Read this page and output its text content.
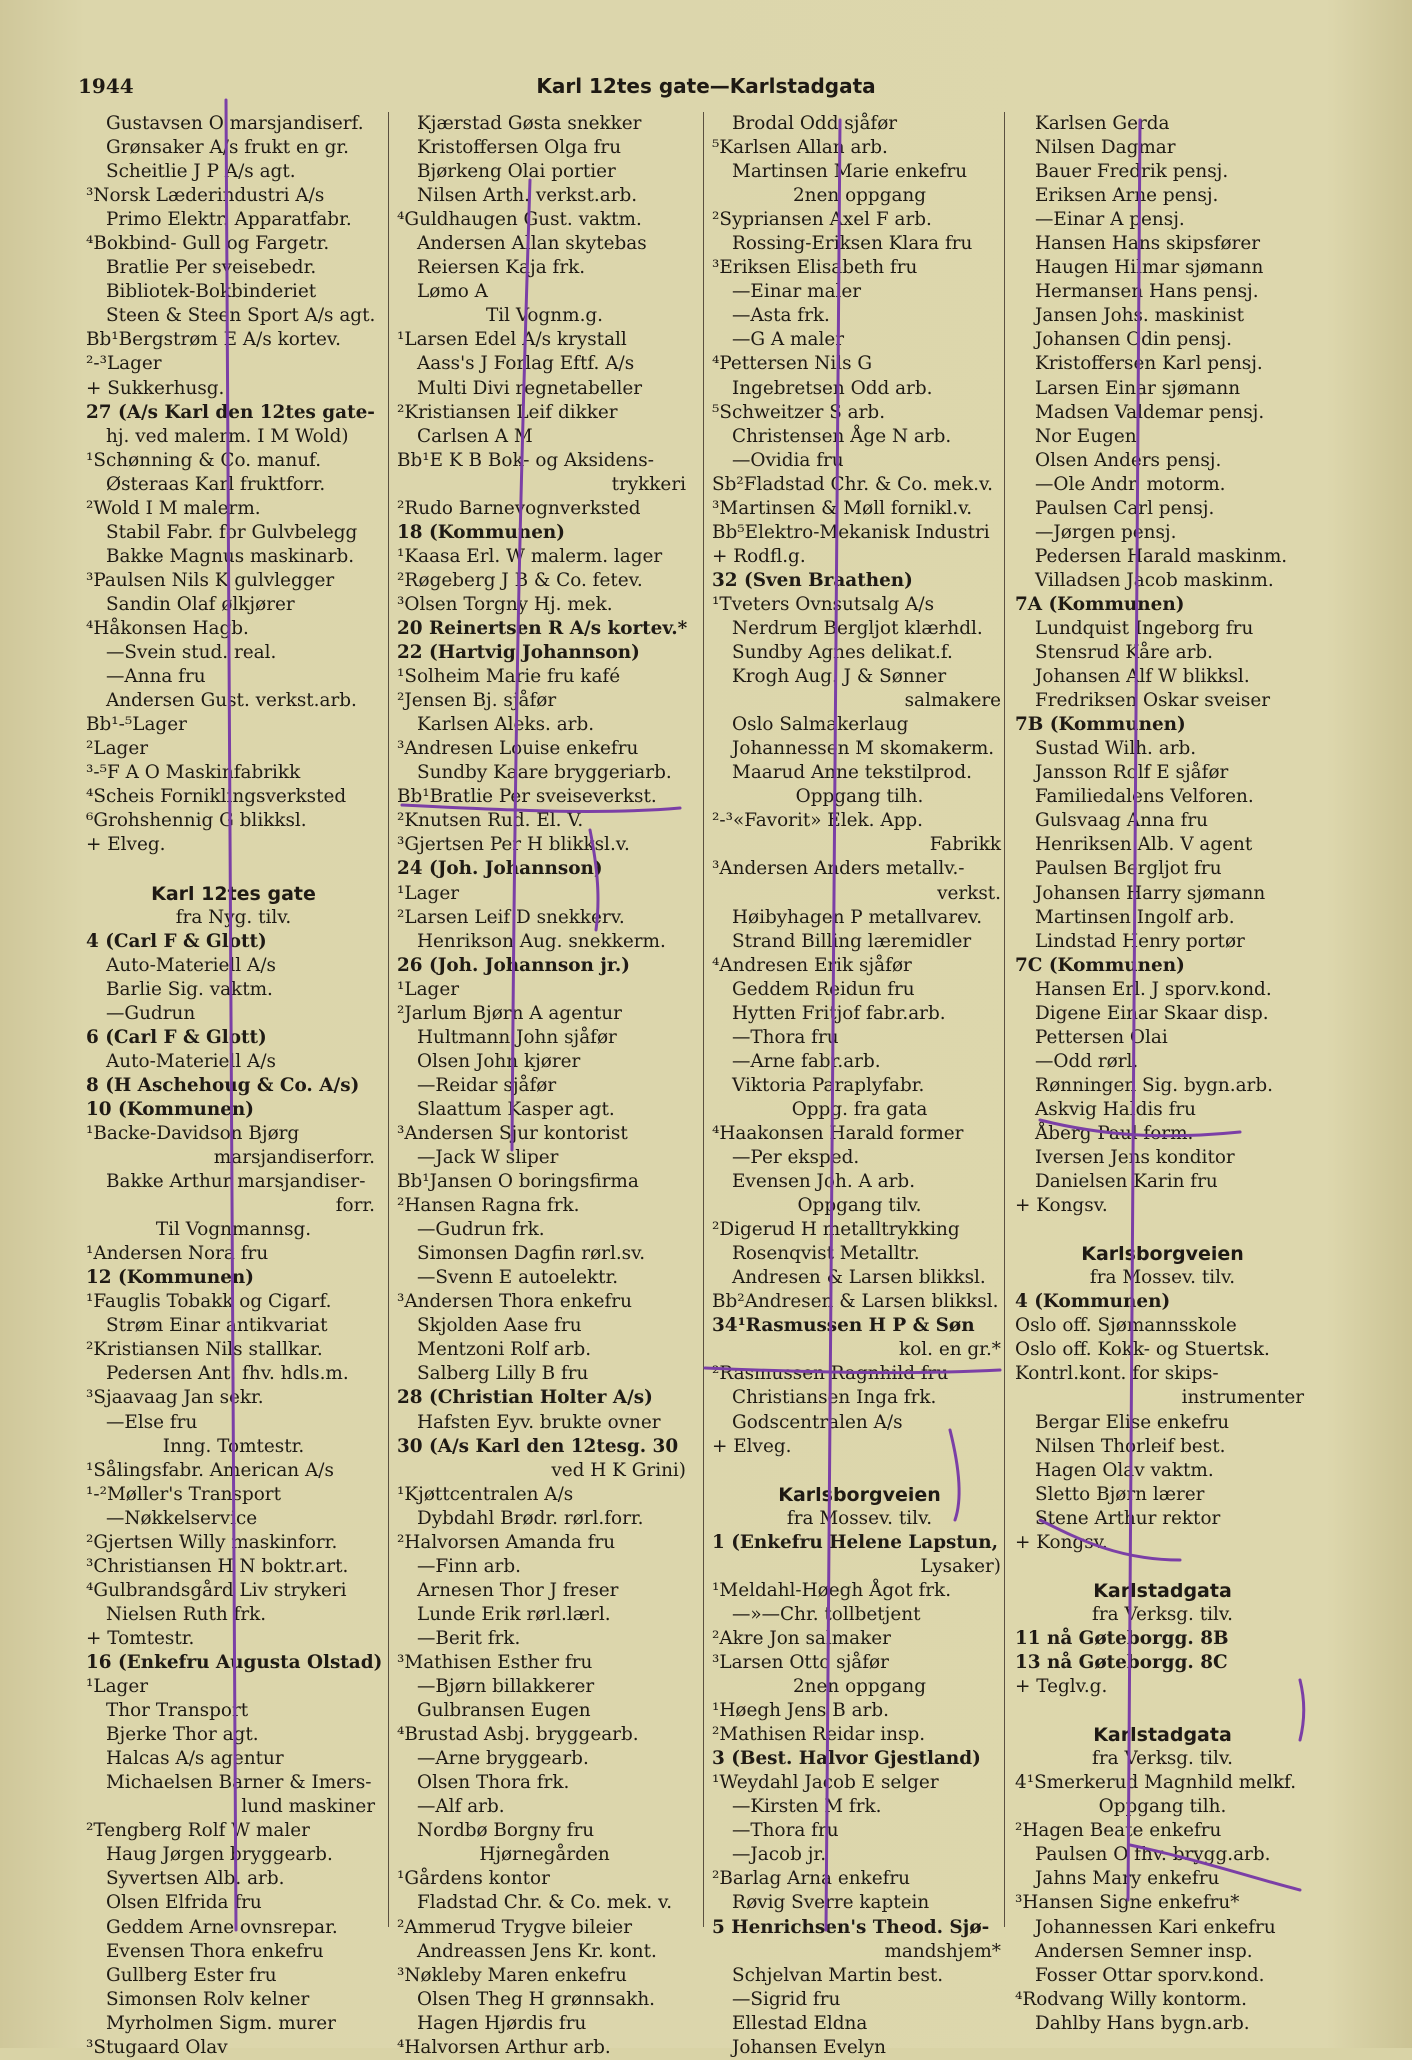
1944	Karl 12tes gate—Karlstadgata
Gustavsen O marsjandiserf.
Grønsaker A/s frukt en gr.
Scheitlie J P A/s agt.
³Norsk Læderindustri A/s
Primo Elektr. Apparatfabr.
⁴Bokbind- Gull og Fargetr.
Bratlie Per sveisebedr.
Bibliotek-Bokbinderiet
Steen & Steen Sport A/s agt.
Bb¹Bergstrøm E A/s kortev.
²-³Lager
+ Sukkerhusg.
27 (A/s Karl den 12tes gate-
hj. ved malerm. I M Wold)
¹Schønning & Co. manuf.
Østeraas Karl fruktforr.
²Wold I M malerm.
Stabil Fabr. for Gulvbelegg
Bakke Magnus maskinarb.
³Paulsen Nils K gulvlegger
Sandin Olaf ølkjører
⁴Håkonsen Hagb.
—Svein stud. real.
—Anna fru
Andersen Gust. verkst.arb.
Bb¹-⁵Lager
²Lager
³-⁵F A O Maskinfabrikk
⁴Scheis Forniklingsverksted
⁶Grohshennig G blikksl.
+ Elveg.
Karl 12tes gate
fra Nyg. tilv.
4 (Carl F & Glott)
Auto-Materiell A/s
Barlie Sig. vaktm.
—Gudrun
6 (Carl F & Glott)
Auto-Materiell A/s
8 (H Aschehoug & Co. A/s)
10 (Kommunen)
¹Backe-Davidson Bjørg
marsjandiserforr.
Bakke Arthur marsjandiser-
forr.
Til Vognmannsg.
¹Andersen Nora fru
12 (Kommunen)
¹Fauglis Tobakk og Cigarf.
Strøm Einar antikvariat
²Kristiansen Nils stallkar.
Pedersen Ant. fhv. hdls.m.
³Sjaavaag Jan sekr.
—Else fru
Inng. Tomtestr.
¹Sålingsfabr. American A/s
¹-²Møller's Transport
—Nøkkelservice
²Gjertsen Willy maskinforr.
³Christiansen H N boktr.art.
⁴Gulbrandsgård Liv strykeri
Nielsen Ruth frk.
+ Tomtestr.
16 (Enkefru Augusta Olstad)
¹Lager
Thor Transport
Bjerke Thor agt.
Halcas A/s agentur
Michaelsen Barner & Imers-
lund maskiner
²Tengberg Rolf W maler
Haug Jørgen bryggearb.
Syvertsen Alb. arb.
Olsen Elfrida fru
Geddem Arne ovnsrepar.
Evensen Thora enkefru
Gullberg Ester fru
Simonsen Rolv kelner
Myrholmen Sigm. murer
³Stugaard Olav
Kjærstad Gøsta snekker
Kristoffersen Olga fru
Bjørkeng Olai portier
Nilsen Arth. verkst.arb.
⁴Guldhaugen Gust. vaktm.
Andersen Allan skytebas
Reiersen Kaja frk.
Lømo A
Til Vognm.g.
¹Larsen Edel A/s krystall
Aass's J Forlag Eftf. A/s
Multi Divi regnetabeller
²Kristiansen Leif dikker
Carlsen A M
Bb¹E K B Bok- og Aksidens-
trykkeri
²Rudo Barnevognverksted
18 (Kommunen)
¹Kaasa Erl. W malerm. lager
²Røgeberg J B & Co. fetev.
³Olsen Torgny Hj. mek.
20 Reinertsen R A/s kortev.*
22 (Hartvig Johannson)
¹Solheim Marie fru kafé
²Jensen Bj. sjåfør
Karlsen Aleks. arb.
³Andresen Louise enkefru
Sundby Kaare bryggeriarb.
Bb¹Bratlie Per sveiseverkst.
²Knutsen Rud. El. V.
³Gjertsen Per H blikksl.v.
24 (Joh. Johannson)
¹Lager
²Larsen Leif D snekkerv.
Henrikson Aug. snekkerm.
26 (Joh. Johannson jr.)
¹Lager
²Jarlum Bjørn A agentur
Hultmann John sjåfør
Olsen John kjører
—Reidar sjåfør
Slaattum Kasper agt.
³Andersen Sjur kontorist
—Jack W sliper
Bb¹Jansen O boringsfirma
²Hansen Ragna frk.
—Gudrun frk.
Simonsen Dagfin rørl.sv.
—Svenn E autoelektr.
³Andersen Thora enkefru
Skjolden Aase fru
Mentzoni Rolf arb.
Salberg Lilly B fru
28 (Christian Holter A/s)
Hafsten Eyv. brukte ovner
30 (A/s Karl den 12tesg. 30
ved H K Grini)
¹Kjøttcentralen A/s
Dybdahl Brødr. rørl.forr.
²Halvorsen Amanda fru
—Finn arb.
Arnesen Thor J freser
Lunde Erik rørl.lærl.
—Berit frk.
³Mathisen Esther fru
—Bjørn billakkerer
Gulbransen Eugen
⁴Brustad Asbj. bryggearb.
—Arne bryggearb.
Olsen Thora frk.
—Alf arb.
Nordbø Borgny fru
Hjørnegården
¹Gårdens kontor
Fladstad Chr. & Co. mek. v.
²Ammerud Trygve bileier
Andreassen Jens Kr. kont.
³Nøkleby Maren enkefru
Olsen Theg H grønnsakh.
Hagen Hjørdis fru
⁴Halvorsen Arthur arb.
Brodal Odd sjåfør
⁵Karlsen Allan arb.
Martinsen Marie enkefru
2nen oppgang
²Sypriansen Axel F arb.
Rossing-Eriksen Klara fru
³Eriksen Elisabeth fru
—Einar maler
—Asta frk.
—G A maler
⁴Pettersen Nils G
Ingebretsen Odd arb.
⁵Schweitzer S arb.
Christensen Åge N arb.
—Ovidia fru
Sb²Fladstad Chr. & Co. mek.v.
³Martinsen & Møll fornikl.v.
Bb⁵Elektro-Mekanisk Industri
+ Rodfl.g.
32 (Sven Braathen)
¹Tveters Ovnsutsalg A/s
Nerdrum Bergljot klærhdl.
Sundby Agnes delikat.f.
Krogh Aug. J & Sønner
salmakere
Oslo Salmakerlaug
Johannessen M skomakerm.
Maarud Anne tekstilprod.
Oppgang tilh.
²-³«Favorit» Elek. App.
Fabrikk
³Andersen Anders metallv.-
verkst.
Høibyhagen P metallvarev.
Strand Billing læremidler
⁴Andresen Erik sjåfør
Geddem Reidun fru
Hytten Fritjof fabr.arb.
—Thora fru
—Arne fabr.arb.
Viktoria Paraplyfabr.
Oppg. fra gata
⁴Haakonsen Harald former
—Per eksped.
Evensen Joh. A arb.
Oppgang tilv.
²Digerud H metalltrykking
Rosenqvist Metalltr.
Andresen & Larsen blikksl.
Bb²Andresen & Larsen blikksl.
34¹Rasmussen H P & Søn
kol. en gr.*
²Rasmussen Ragnhild fru
Christiansen Inga frk.
Godscentralen A/s
+ Elveg.
Karlsborgveien
fra Mossev. tilv.
1 (Enkefru Helene Lapstun,
Lysaker)
¹Meldahl-Høegh Ågot frk.
—»—Chr. tollbetjent
²Akre Jon salmaker
³Larsen Otto sjåfør
2nen oppgang
¹Høegh Jens B arb.
²Mathisen Reidar insp.
3 (Best. Halvor Gjestland)
¹Weydahl Jacob E selger
—Kirsten M frk.
—Thora fru
—Jacob jr.
²Barlag Arna enkefru
Røvig Sverre kaptein
5 Henrichsen's Theod. Sjø-
mandshjem*
Schjelvan Martin best.
—Sigrid fru
Ellestad Eldna
Johansen Evelyn
Karlsen Gerda
Nilsen Dagmar
Bauer Fredrik pensj.
Eriksen Arne pensj.
—Einar A pensj.
Hansen Hans skipsfører
Haugen Hilmar sjømann
Hermansen Hans pensj.
Jansen Johs. maskinist
Johansen Odin pensj.
Kristoffersen Karl pensj.
Larsen Einar sjømann
Madsen Valdemar pensj.
Nor Eugen
Olsen Anders pensj.
—Ole Andr. motorm.
Paulsen Carl pensj.
—Jørgen pensj.
Pedersen Harald maskinm.
Villadsen Jacob maskinm.
7A (Kommunen)
Lundquist Ingeborg fru
Stensrud Kåre arb.
Johansen Alf W blikksl.
Fredriksen Oskar sveiser
7B (Kommunen)
Sustad Wilh. arb.
Jansson Rolf E sjåfør
Familiedalens Velforen.
Gulsvaag Anna fru
Henriksen Alb. V agent
Paulsen Bergljot fru
Johansen Harry sjømann
Martinsen Ingolf arb.
Lindstad Henry portør
7C (Kommunen)
Hansen Erl. J sporv.kond.
Digene Einar Skaar disp.
Pettersen Olai
—Odd rørl.
Rønningen Sig. bygn.arb.
Askvig Haldis fru
Åberg Paul form.
Iversen Jens konditor
Danielsen Karin fru
+ Kongsv.
Karlsborgveien
fra Mossev. tilv.
4 (Kommunen)
Oslo off. Sjømannsskole
Oslo off. Kokk- og Stuertsk.
Kontrl.kont. for skips-
instrumenter
Bergar Elise enkefru
Nilsen Thorleif best.
Hagen Olav vaktm.
Sletto Bjørn lærer
Stene Arthur rektor
+ Kongsv.
Karlstadgata
fra Verksg. tilv.
11 nå Gøteborgg. 8B
13 nå Gøteborgg. 8C
+ Teglv.g.
Karlstadgata
fra Verksg. tilv.
4¹Smerkerud Magnhild melkf.
Oppgang tilh.
²Hagen Beate enkefru
Paulsen O fhv. brygg.arb.
Jahns Mary enkefru
³Hansen Signe enkefru*
Johannessen Kari enkefru
Andersen Semner insp.
Fosser Ottar sporv.kond.
⁴Rodvang Willy kontorm.
Dahlby Hans bygn.arb.
